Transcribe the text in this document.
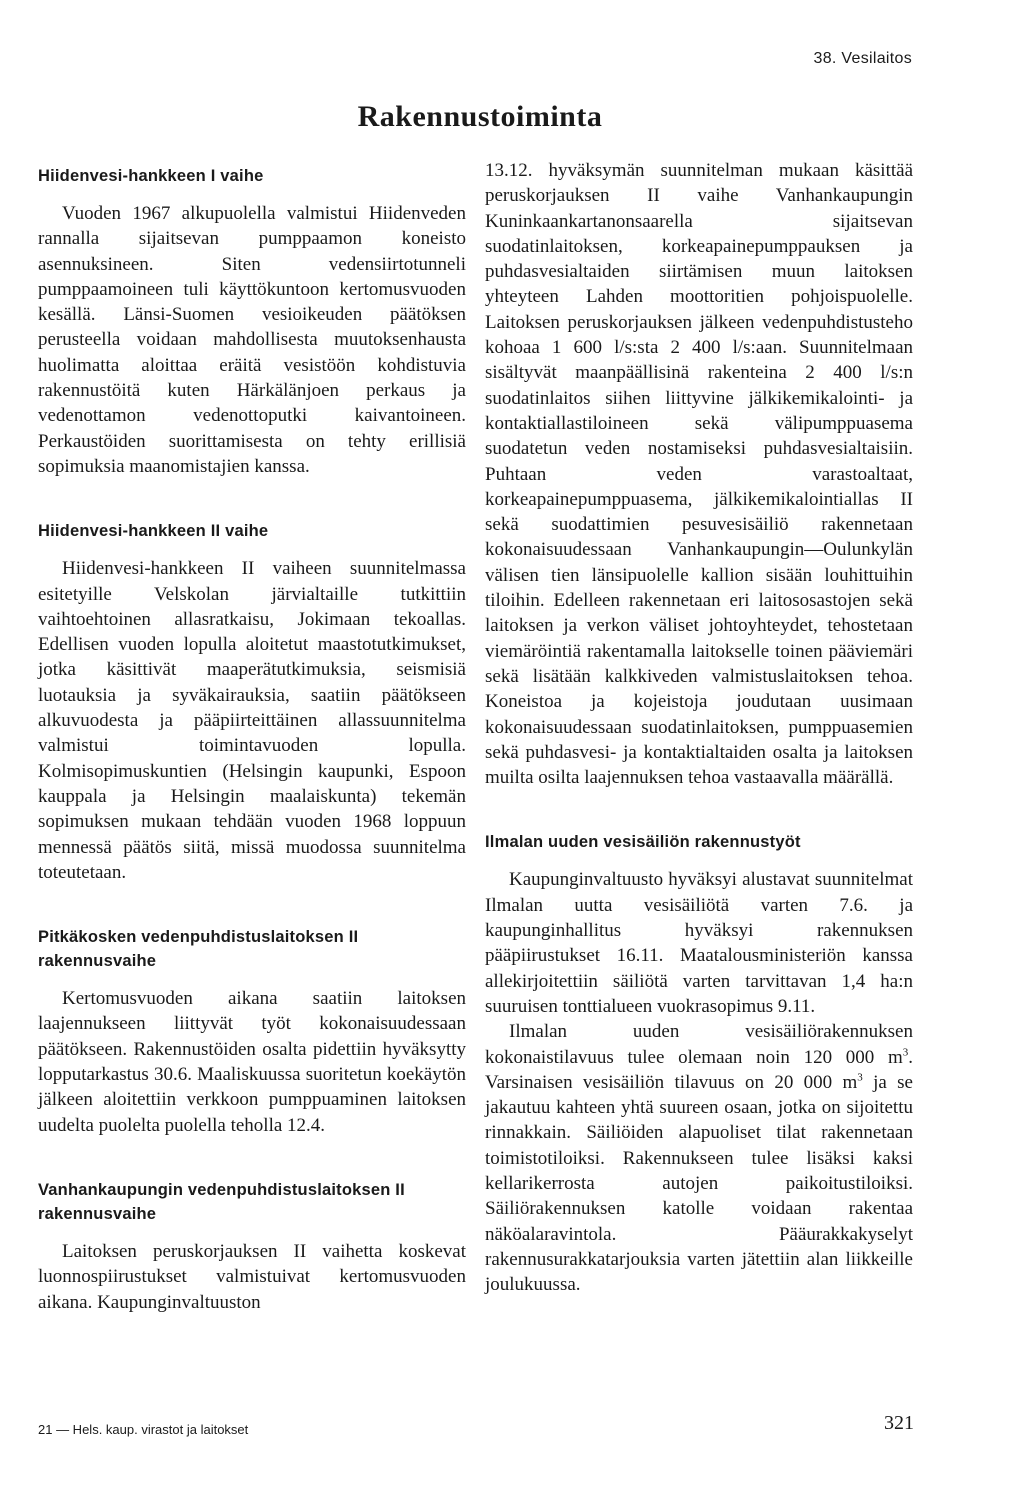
38. Vesilaitos
Rakennustoiminta
Hiidenvesi-hankkeen I vaihe

Vuoden 1967 alkupuolella valmistui Hiidenveden rannalla sijaitsevan pumppaamon koneisto asennuksineen. Siten vedensiirtotunneli pumppaamoineen tuli käyttökuntoon kertomusvuoden kesällä. Länsi-Suomen vesioikeuden päätöksen perusteella voidaan mahdollisesta muutoksenhausta huolimatta aloittaa eräitä vesistöön kohdistuvia rakennustöitä kuten Härkälänjoen perkaus ja vedenottamon vedenottoputki kaivantoineen. Perkaustöiden suorittamisesta on tehty erillisiä sopimuksia maanomistajien kanssa.

Hiidenvesi-hankkeen II vaihe

Hiidenvesi-hankkeen II vaiheen suunnitelmassa esitetyille Velskolan järvialtaille tutkittiin vaihtoehtoinen allasratkaisu, Jokimaan tekoallas. Edellisen vuoden lopulla aloitetut maastotutkimukset, jotka käsittivät maaperätutkimuksia, seismisiä luotauksia ja syväkairauksia, saatiin päätökseen alkuvuodesta ja pääpiirteittäinen allassuunnitelma valmistui toimintavuoden lopulla. Kolmisopimuskuntien (Helsingin kaupunki, Espoon kauppala ja Helsingin maalaiskunta) tekemän sopimuksen mukaan tehdään vuoden 1968 loppuun mennessä päätös siitä, missä muodossa suunnitelma toteutetaan.

Pitkäkosken vedenpuhdistuslaitoksen II rakennusvaihe

Kertomusvuoden aikana saatiin laitoksen laajennukseen liittyvät työt kokonaisuudessaan päätökseen. Rakennustöiden osalta pidettiin hyväksytty lopputarkastus 30.6. Maaliskuussa suoritetun koekäytön jälkeen aloitettiin verkkoon pumppuaminen laitoksen uudelta puolelta puolella teholla 12.4.

Vanhankaupungin vedenpuhdistuslaitoksen II rakennusvaihe

Laitoksen peruskorjauksen II vaihetta koskevat luonnospiirustukset valmistuivat kertomusvuoden aikana. Kaupunginvaltuuston

13.12. hyväksymän suunnitelman mukaan käsittää peruskorjauksen II vaihe Vanhankaupungin Kuninkaankartanonsaarella sijaitsevan suodatinlaitoksen, korkeapainepumppauksen ja puhdasvesialtaiden siirtämisen muun laitoksen yhteyteen Lahden moottoritien pohjoispuolelle. Laitoksen peruskorjauksen jälkeen vedenpuhdistusteho kohoaa 1 600 l/s:sta 2 400 l/s:aan. Suunnitelmaan sisältyvät maanpäällisinä rakenteina 2 400 l/s:n suodatinlaitos siihen liittyvine jälkikemikalointi- ja kontaktiallastiloineen sekä välipumppuasema suodatetun veden nostamiseksi puhdasvesialtaisiin. Puhtaan veden varastoaltaat, korkeapainepumppuasema, jälkikemikalointiallas II sekä suodattimien pesuvesisäiliö rakennetaan kokonaisuudessaan Vanhankaupungin—Oulunkylän välisen tien länsipuolelle kallion sisään louhittuihin tiloihin. Edelleen rakennetaan eri laitososastojen sekä laitoksen ja verkon väliset johtoyhteydet, tehostetaan viemäröintiä rakentamalla laitokselle toinen pääviemäri sekä lisätään kalkkiveden valmistuslaitoksen tehoa. Koneistoa ja kojeistoja joudutaan uusimaan kokonaisuudessaan suodatinlaitoksen, pumppuasemien sekä puhdasvesi- ja kontaktialtaiden osalta ja laitoksen muilta osilta laajennuksen tehoa vastaavalla määrällä.

Ilmalan uuden vesisäiliön rakennustyöt

Kaupunginvaltuusto hyväksyi alustavat suunnitelmat Ilmalan uutta vesisäiliötä varten 7.6. ja kaupunginhallitus hyväksyi rakennuksen pääpiirustukset 16.11. Maatalousministeriön kanssa allekirjoitettiin säiliötä varten tarvittavan 1,4 ha:n suuruisen tonttialueen vuokrasopimus 9.11.

Ilmalan uuden vesisäiliörakennuksen kokonaistilavuus tulee olemaan noin 120 000 $m^3$. Varsinaisen vesisäiliön tilavuus on 20 000 $m^3$ ja se jakautuu kahteen yhtä suureen osaan, jotka on sijoitettu rinnakkain. Säiliöiden alapuoliset tilat rakennetaan toimistotiloiksi. Rakennukseen tulee lisäksi kaksi kellarikerrosta autojen paikoitustiloiksi. Säiliörakennuksen katolle voidaan rakentaa näköalaravintola. Pääurakkakyselyt rakennusurakkatarjouksia varten jätettiin alan liikkeille joulukuussa.

21 — Hels. kaup. virastot ja laitokset	321
